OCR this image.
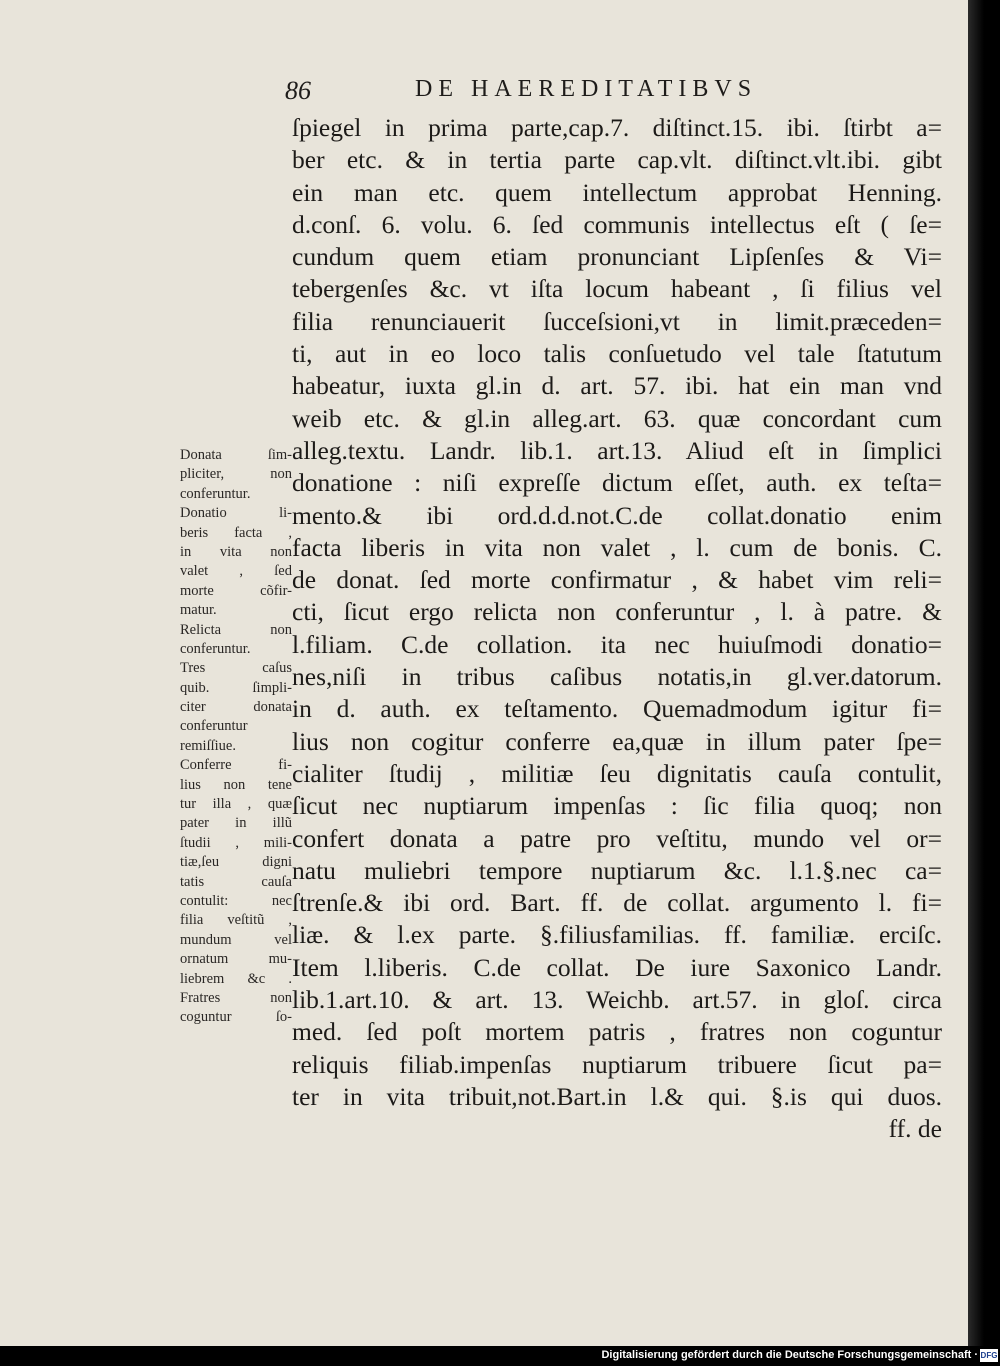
86	DE HAEREDITATIBVS
ſpiegel in prima parte,cap.7. diſtinct.15. ibi. ſtirbt a=
ber etc. & in tertia parte cap.vlt. diſtinct.vlt.ibi. gibt
ein man etc. quem intellectum approbat Henning.
d.conſ. 6. volu. 6. ſed communis intellectus eſt ( ſe=
cundum quem etiam pronunciant Lipſenſes & Vi=
tebergenſes &c. vt iſta locum habeant , ſi filius vel
filia renunciauerit ſucceſsioni,vt in limit.præceden=
ti, aut in eo loco talis conſuetudo vel tale ſtatutum
habeatur, iuxta gl.in d. art. 57. ibi. hat ein man vnd
weib etc. & gl.in alleg.art. 63. quæ concordant cum
alleg.textu. Landr. lib.1. art.13. Aliud eſt in ſimplici
donatione : niſi expreſſe dictum eſſet, auth. ex teſta=
mento.& ibi ord.d.d.not.C.de collat.donatio enim
facta liberis in vita non valet , l. cum de bonis. C.
de donat. ſed morte confirmatur , & habet vim reli=
cti, ſicut ergo relicta non conferuntur , l. à patre. &
l.filiam. C.de collation. ita nec huiuſmodi donatio=
nes,niſi in tribus caſibus notatis,in gl.ver.datorum.
in d. auth. ex teſtamento. Quemadmodum igitur fi=
lius non cogitur conferre ea,quæ in illum pater ſpe=
cialiter ſtudij , militiæ ſeu dignitatis cauſa contulit,
ſicut nec nuptiarum impenſas : ſic filia quoq; non
confert donata a patre pro veſtitu, mundo vel or=
natu muliebri tempore nuptiarum &c. l.1.§.nec ca=
ſtrenſe.& ibi ord. Bart. ff. de collat. argumento l. fi=
liæ. & l.ex parte. §.filiusfamilias. ff. familiæ. erciſc.
Item l.liberis. C.de collat. De iure Saxonico Landr.
lib.1.art.10. & art. 13. Weichb. art.57. in gloſ. circa
med. ſed poſt mortem patris , fratres non coguntur
reliquis filiab.impenſas nuptiarum tribuere ſicut pa=
ter in vita tribuit,not.Bart.in l.& qui. §.is qui duos.
ff. de
Donata ſim-
pliciter, non
conferuntur.
Donatio li-
beris facta ,
in vita non
valet , ſed
morte cõfir-
matur.
Relicta non
conferuntur.
Tres caſus
quib. ſimpli-
citer donata
conferuntur
remiſſiue.
Conferre fi-
lius non tene
tur illa , quæ
pater in illũ
ſtudii , mili-
tiæ,ſeu digni
tatis cauſa
contulit: nec
filia veſtitũ ,
mundum vel
ornatum mu-
liebrem &c .
Fratres non
coguntur ſo-
Digitalisierung gefördert durch die Deutsche Forschungsgemeinschaft · DFG
